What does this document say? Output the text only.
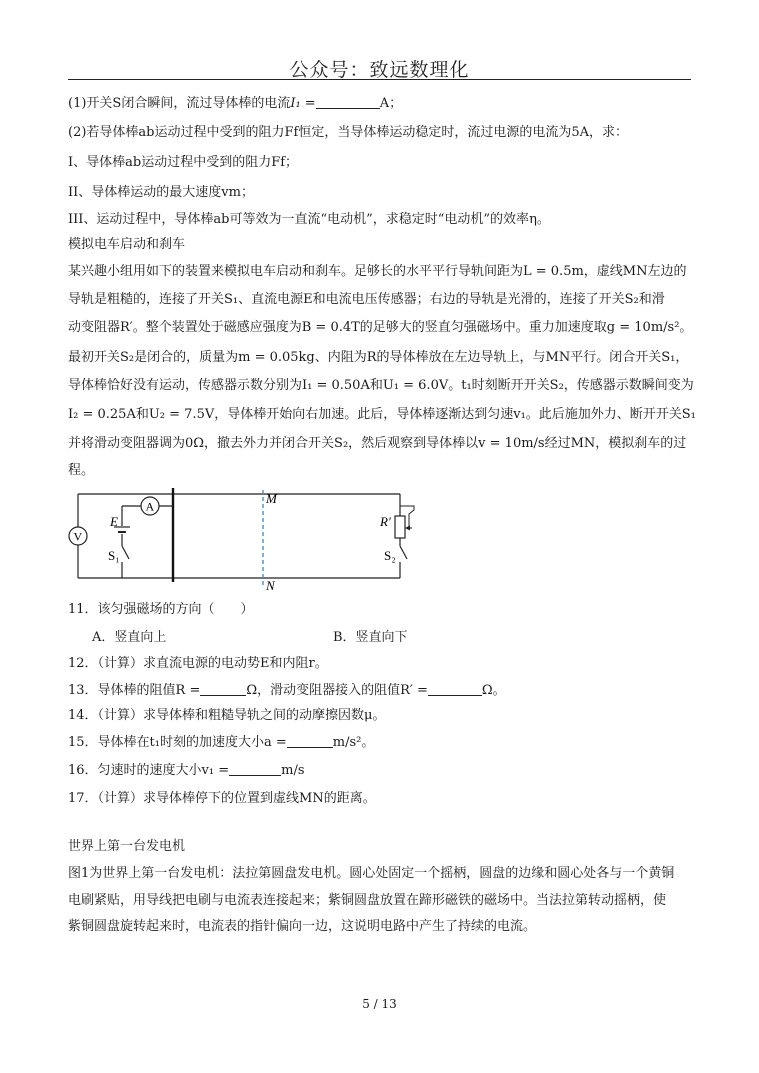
公众号：致远数理化
(1)开关S闭合瞬间，流过导体棒的电流I₁ =	A；
(2)若导体棒ab运动过程中受到的阻力Ff恒定，当导体棒运动稳定时，流过电源的电流为5A，求：
I、导体棒ab运动过程中受到的阻力Ff；
II、导体棒运动的最大速度vm；
III、运动过程中，导体棒ab可等效为一直流“电动机”，求稳定时“电动机”的效率η。
模拟电车启动和刹车
某兴趣小组用如下的装置来模拟电车启动和刹车。足够长的水平平行导轨间距为L = 0.5m，虚线MN左边的
导轨是粗糙的，连接了开关S₁、直流电源E和电流电压传感器；右边的导轨是光滑的，连接了开关S₂和滑
动变阻器R′。整个装置处于磁感应强度为B = 0.4T的足够大的竖直匀强磁场中。重力加速度取g = 10m/s²。
最初开关S₂是闭合的，质量为m = 0.05kg、内阻为R的导体棒放在左边导轨上，与MN平行。闭合开关S₁，
导体棒恰好没有运动，传感器示数分别为I₁ = 0.50A和U₁ = 6.0V。t₁时刻断开开关S₂，传感器示数瞬间变为
I₂ = 0.25A和U₂ = 7.5V，导体棒开始向右加速。此后，导体棒逐渐达到匀速v₁。此后施加外力、断开开关S₁
并将滑动变阻器调为0Ω，撤去外力并闭合开关S₂，然后观察到导体棒以v = 10m/s经过MN，模拟刹车的过
程。
M
N
V
A
E
S₁
R′
S₂
11．该匀强磁场的方向（　　）
A．竖直向上	B．竖直向下
12．（计算）求直流电源的电动势E和内阻r。
13．导体棒的阻值R =	Ω，滑动变阻器接入的阻值R′ =	Ω。
14．（计算）求导体棒和粗糙导轨之间的动摩擦因数μ。
15．导体棒在t₁时刻的加速度大小a =	m/s²。
16．匀速时的速度大小v₁ =	m/s
17．（计算）求导体棒停下的位置到虚线MN的距离。
世界上第一台发电机
图1为世界上第一台发电机：法拉第圆盘发电机。圆心处固定一个摇柄，圆盘的边缘和圆心处各与一个黄铜
电刷紧贴，用导线把电刷与电流表连接起来；紫铜圆盘放置在蹄形磁铁的磁场中。当法拉第转动摇柄，使
紫铜圆盘旋转起来时，电流表的指针偏向一边，这说明电路中产生了持续的电流。
5 / 13
